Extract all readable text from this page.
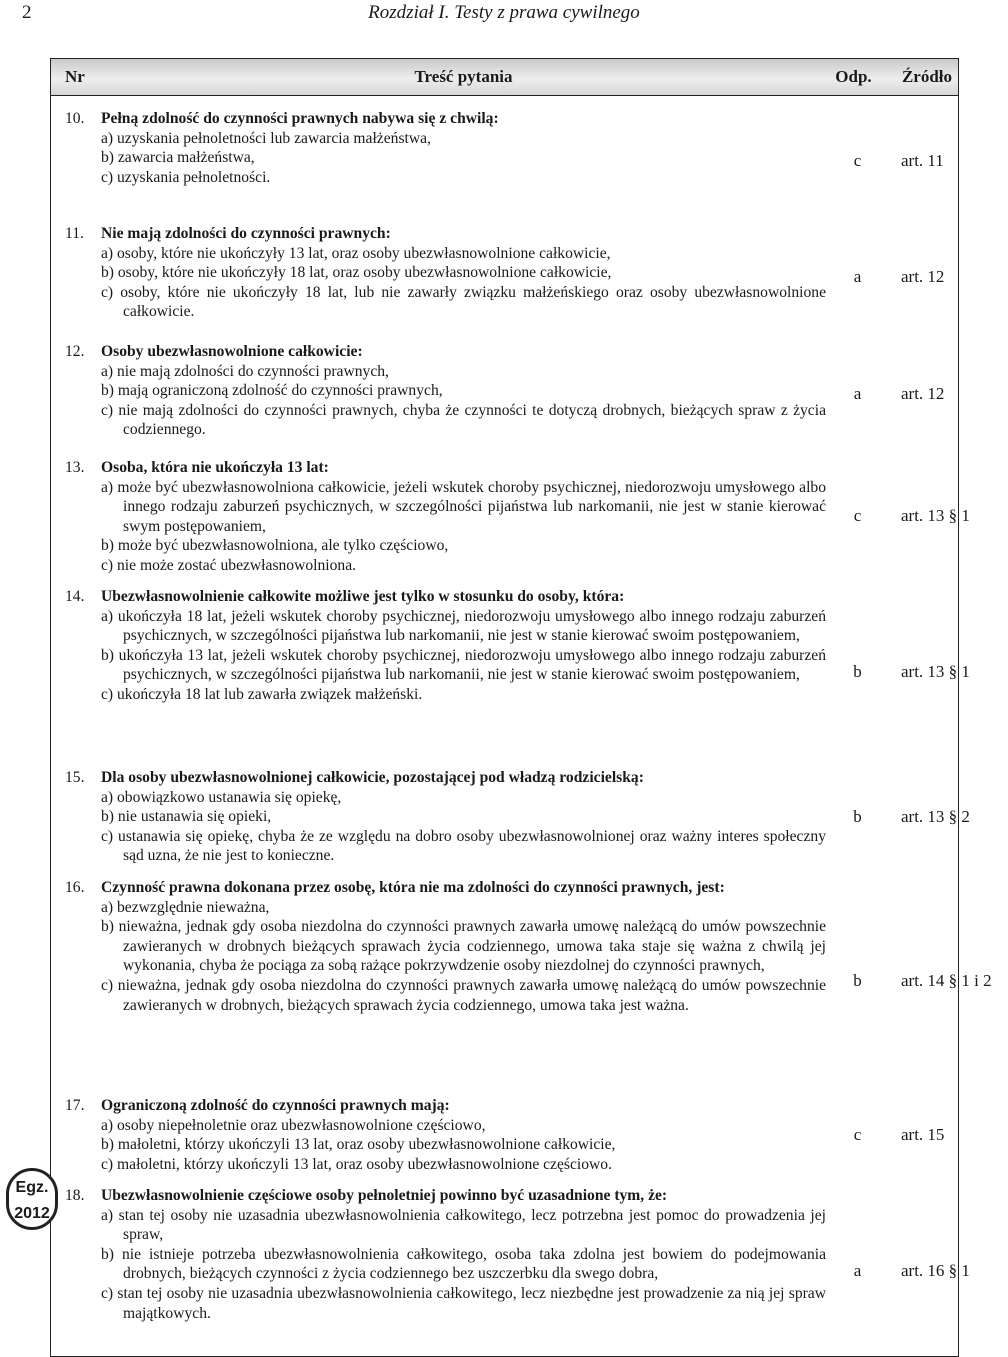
2	Rozdział I. Testy z prawa cywilnego
Nr	Treść pytania	Odp.	Źródło
10.	Pełną zdolność do czynności prawnych nabywa się z chwilą:
a) uzyskania pełnoletności lub zawarcia małżeństwa,
b) zawarcia małżeństwa,
c) uzyskania pełnoletności.
c	art. 11
11.	Nie mają zdolności do czynności prawnych:
a) osoby, które nie ukończyły 13 lat, oraz osoby ubezwłasnowolnione całkowicie,
b) osoby, które nie ukończyły 18 lat, oraz osoby ubezwłasnowolnione całkowicie,
c) osoby, które nie ukończyły 18 lat, lub nie zawarły związku małżeńskiego oraz osoby ubezwłasnowolnione całkowicie.
a	art. 12
12.	Osoby ubezwłasnowolnione całkowicie:
a) nie mają zdolności do czynności prawnych,
b) mają ograniczoną zdolność do czynności prawnych,
c) nie mają zdolności do czynności prawnych, chyba że czynności te dotyczą drobnych, bieżących spraw z życia codziennego.
a	art. 12
13.	Osoba, która nie ukończyła 13 lat:
a) może być ubezwłasnowolniona całkowicie, jeżeli wskutek choroby psychicznej, niedorozwoju umysłowego albo innego rodzaju zaburzeń psychicznych, w szczególności pijaństwa lub narkomanii, nie jest w stanie kierować swym postępowaniem,
b) może być ubezwłasnowolniona, ale tylko częściowo,
c) nie może zostać ubezwłasnowolniona.
c	art. 13 § 1
14.	Ubezwłasnowolnienie całkowite możliwe jest tylko w stosunku do osoby, która:
a) ukończyła 18 lat, jeżeli wskutek choroby psychicznej, niedorozwoju umysłowego albo innego rodzaju zaburzeń psychicznych, w szczególności pijaństwa lub narkomanii, nie jest w stanie kierować swoim postępowaniem,
b) ukończyła 13 lat, jeżeli wskutek choroby psychicznej, niedorozwoju umysłowego albo innego rodzaju zaburzeń psychicznych, w szczególności pijaństwa lub narkomanii, nie jest w stanie kierować swoim postępowaniem,
c) ukończyła 18 lat lub zawarła związek małżeński.
b	art. 13 § 1
15.	Dla osoby ubezwłasnowolnionej całkowicie, pozostającej pod władzą rodzicielską:
a) obowiązkowo ustanawia się opiekę,
b) nie ustanawia się opieki,
c) ustanawia się opiekę, chyba że ze względu na dobro osoby ubezwłasnowolnionej oraz ważny interes społeczny sąd uzna, że nie jest to konieczne.
b	art. 13 § 2
16.	Czynność prawna dokonana przez osobę, która nie ma zdolności do czynności prawnych, jest:
a) bezwzględnie nieważna,
b) nieważna, jednak gdy osoba niezdolna do czynności prawnych zawarła umowę należącą do umów powszechnie zawieranych w drobnych bieżących sprawach życia codziennego, umowa taka staje się ważna z chwilą jej wykonania, chyba że pociąga za sobą rażące pokrzywdzenie osoby niezdolnej do czynności prawnych,
c) nieważna, jednak gdy osoba niezdolna do czynności prawnych zawarła umowę należącą do umów powszechnie zawieranych w drobnych, bieżących sprawach życia codziennego, umowa taka jest ważna.
b	art. 14 § 1 i 2
17.	Ograniczoną zdolność do czynności prawnych mają:
a) osoby niepełnoletnie oraz ubezwłasnowolnione częściowo,
b) małoletni, którzy ukończyli 13 lat, oraz osoby ubezwłasnowolnione całkowicie,
c) małoletni, którzy ukończyli 13 lat, oraz osoby ubezwłasnowolnione częściowo.
c	art. 15
18.	Ubezwłasnowolnienie częściowe osoby pełnoletniej powinno być uzasadnione tym, że:
a) stan tej osoby nie uzasadnia ubezwłasnowolnienia całkowitego, lecz potrzebna jest pomoc do prowadzenia jej spraw,
b) nie istnieje potrzeba ubezwłasnowolnienia całkowitego, osoba taka zdolna jest bowiem do podejmowania drobnych, bieżących czynności z życia codziennego bez uszczerbku dla swego dobra,
c) stan tej osoby nie uzasadnia ubezwłasnowolnienia całkowitego, lecz niezbędne jest prowadzenie za nią jej spraw majątkowych.
a	art. 16 § 1
Egz.
2012
